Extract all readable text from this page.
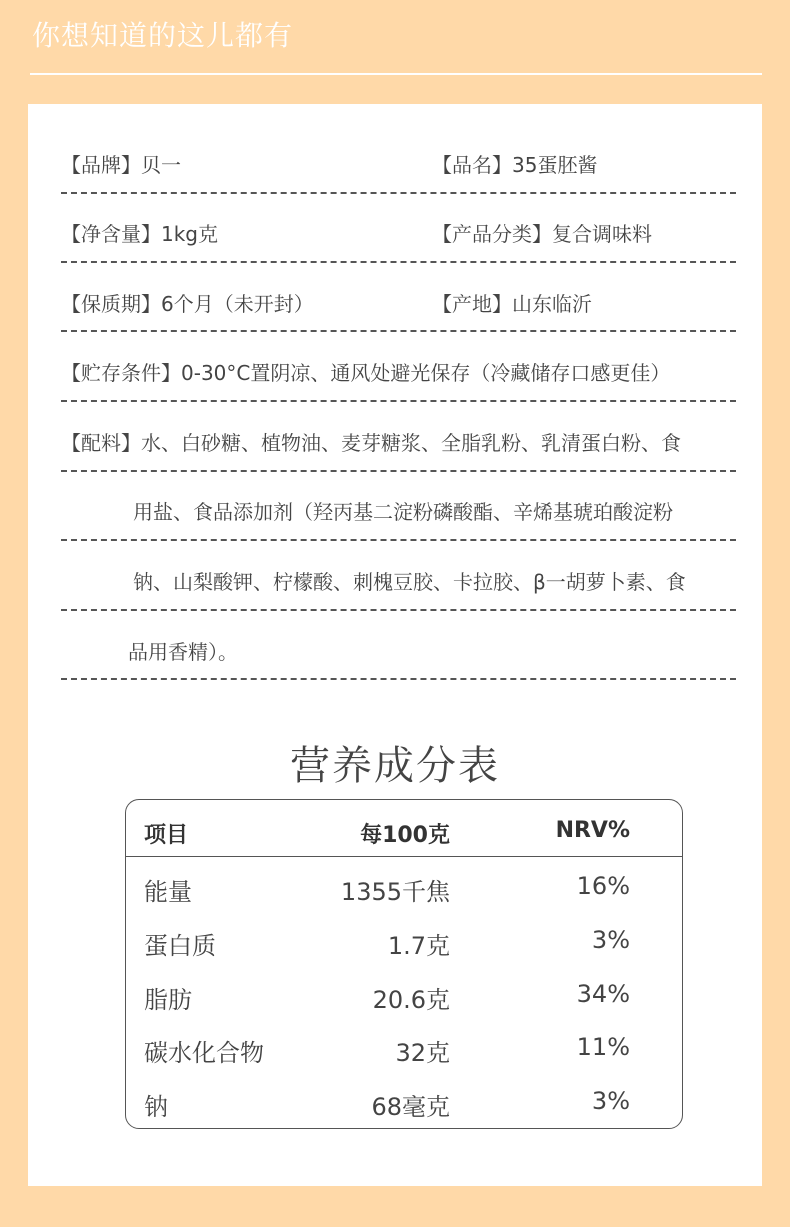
你想知道的这儿都有
【品牌】贝一	【品名】35蛋胚酱
【净含量】1kg克	【产品分类】复合调味料
【保质期】6个月（未开封）	【产地】山东临沂
【贮存条件】0-30°C置阴凉、通风处避光保存（冷藏储存口感更佳）
【配料】水、白砂糖、植物油、麦芽糖浆、全脂乳粉、乳清蛋白粉、食
用盐、食品添加剂（羟丙基二淀粉磷酸酯、辛烯基琥珀酸淀粉
钠、山梨酸钾、柠檬酸、刺槐豆胶、卡拉胶、β一胡萝卜素、食
品用香精）。
营养成分表
项目	每100克	NRV%
能量	1355千焦	16%
蛋白质	1.7克	3%
脂肪	20.6克	34%
碳水化合物	32克	11%
钠	68毫克	3%
